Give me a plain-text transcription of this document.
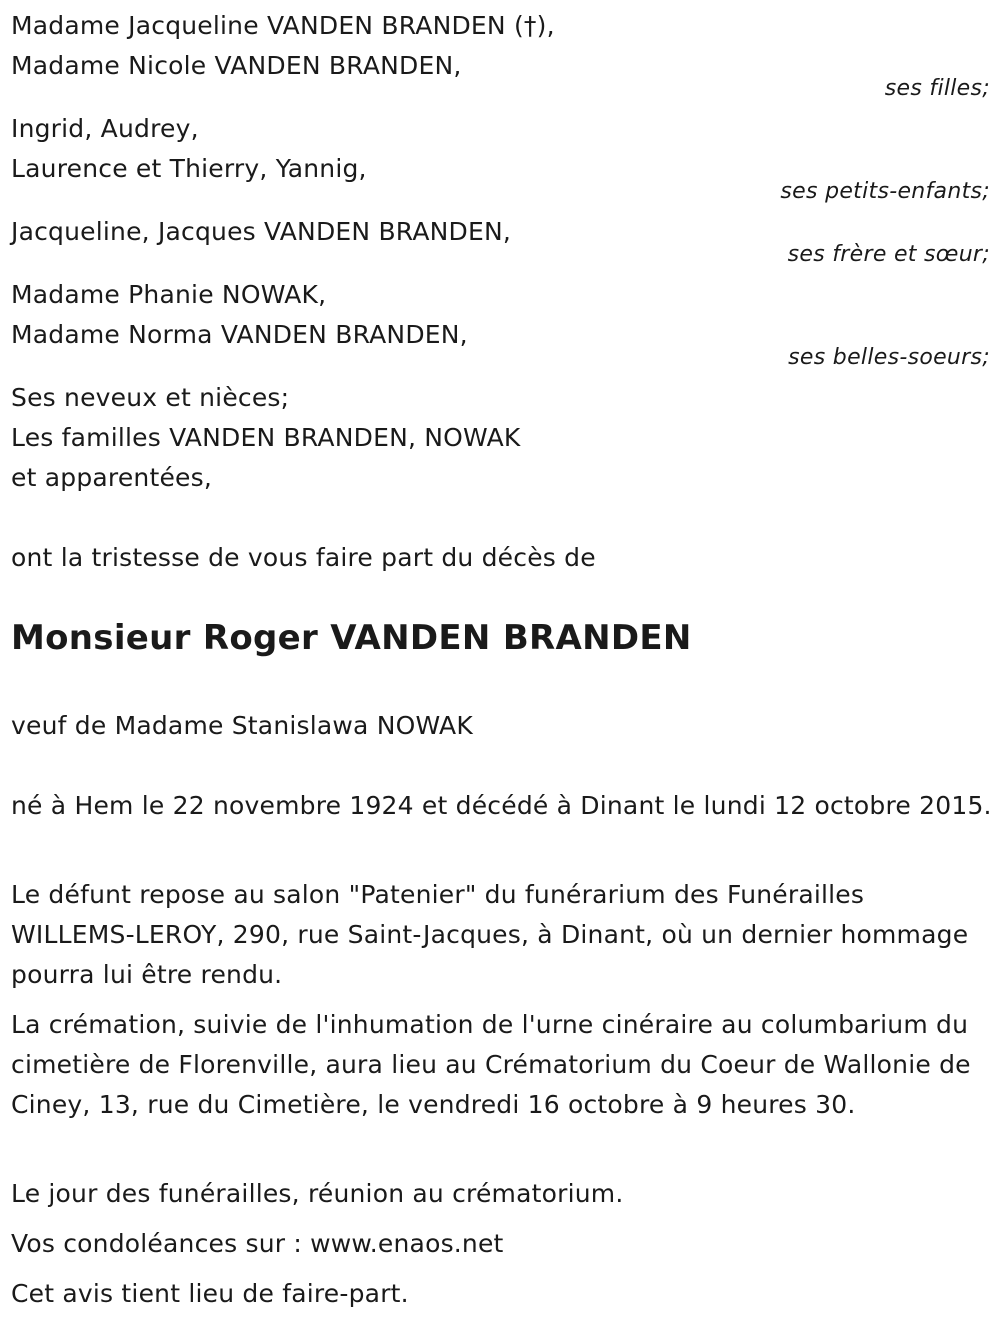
Madame Jacqueline VANDEN BRANDEN (†),
Madame Nicole VANDEN BRANDEN,
ses filles;
Ingrid, Audrey,
Laurence et Thierry, Yannig,
ses petits-enfants;
Jacqueline, Jacques VANDEN BRANDEN,
ses frère et sœur;
Madame Phanie NOWAK,
Madame Norma VANDEN BRANDEN,
ses belles-soeurs;
Ses neveux et nièces;
Les familles VANDEN BRANDEN, NOWAK
et apparentées,
ont la tristesse de vous faire part du décès de
Monsieur Roger VANDEN BRANDEN
veuf de Madame Stanislawa NOWAK
né à Hem le 22 novembre 1924 et décédé à Dinant le lundi 12 octobre 2015.
Le défunt repose au salon "Patenier" du funérarium des Funérailles WILLEMS-LEROY, 290, rue Saint-Jacques, à Dinant, où un dernier hommage pourra lui être rendu.
La crémation, suivie de l'inhumation de l'urne cinéraire au columbarium du cimetière de Florenville, aura lieu au Crématorium du Coeur de Wallonie de Ciney, 13, rue du Cimetière, le vendredi 16 octobre à 9 heures 30.
Le jour des funérailles, réunion au crématorium.
Vos condoléances sur : www.enaos.net
Cet avis tient lieu de faire-part.
